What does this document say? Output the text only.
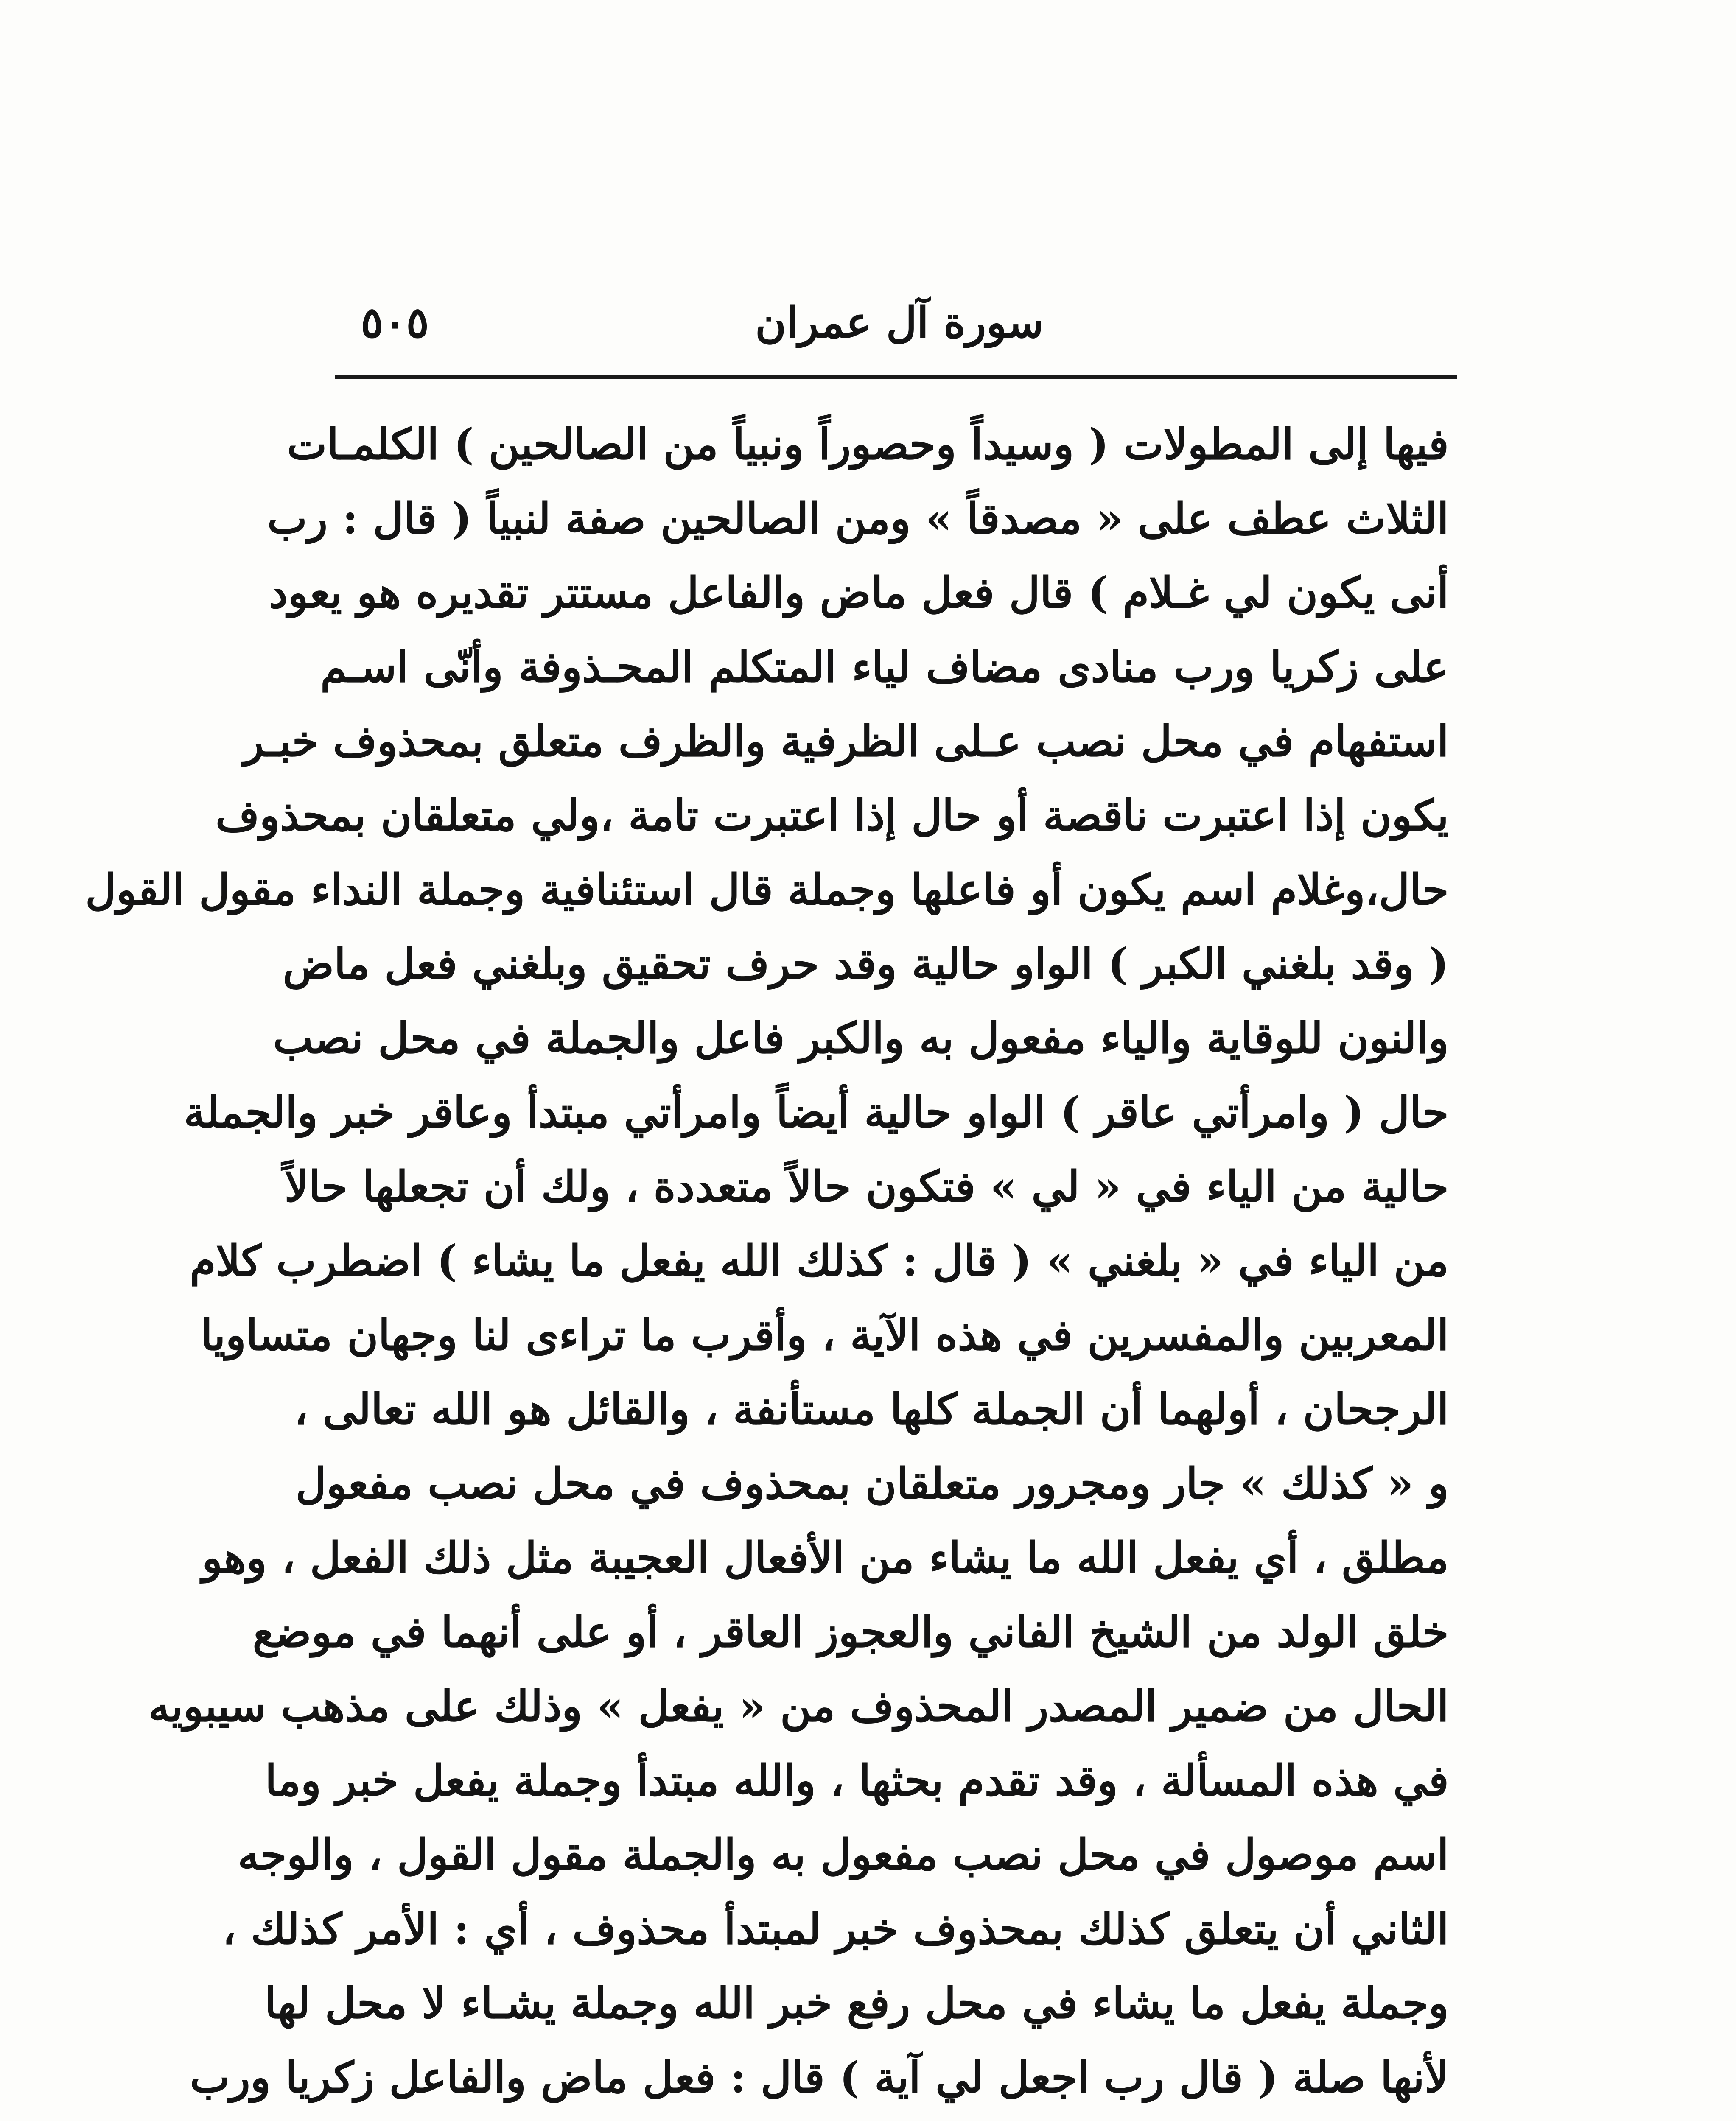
سورة آل عمران
٥٠٥
فيها إلى المطولات ( وسيداً وحصوراً ونبياً من الصالحين ) الكلمـات
الثلاث عطف على « مصدقاً » ومن الصالحين صفة لنبياً ( قال : رب
أنى يكون لي غـلام ) قال فعل ماض والفاعل مستتر تقديره هو يعود
على زكريا ورب منادى مضاف لياء المتكلم المحـذوفة وأنّى اسـم
استفهام في محل نصب عـلى الظرفية والظرف متعلق بمحذوف خبـر
يكون إذا اعتبرت ناقصة أو حال إذا اعتبرت تامة ،ولي متعلقان بمحذوف
حال،وغلام اسم يكون أو فاعلها وجملة قال استئنافية وجملة النداء مقول القول
( وقد بلغني الكبر ) الواو حالية وقد حرف تحقيق وبلغني فعل ماض
والنون للوقاية والياء مفعول به والكبر فاعل والجملة في محل نصب
حال ( وامرأتي عاقر ) الواو حالية أيضاً وامرأتي مبتدأ وعاقر خبر والجملة
حالية من الياء في « لي » فتكون حالاً متعددة ، ولك أن تجعلها حالاً
من الياء في « بلغني » ( قال : كذلك الله يفعل ما يشاء ) اضطرب كلام
المعربين والمفسرين في هذه الآية ، وأقرب ما تراءى لنا وجهان متساويا
الرجحان ، أولهما أن الجملة كلها مستأنفة ، والقائل هو الله تعالى ،
و « كذلك » جار ومجرور متعلقان بمحذوف في محل نصب مفعول
مطلق ، أي يفعل الله ما يشاء من الأفعال العجيبة مثل ذلك الفعل ، وهو
خلق الولد من الشيخ الفاني والعجوز العاقر ، أو على أنهما في موضع
الحال من ضمير المصدر المحذوف من « يفعل » وذلك على مذهب سيبويه
في هذه المسألة ، وقد تقدم بحثها ، والله مبتدأ وجملة يفعل خبر وما
اسم موصول في محل نصب مفعول به والجملة مقول القول ، والوجه
الثاني أن يتعلق كذلك بمحذوف خبر لمبتدأ محذوف ، أي : الأمر كذلك ،
وجملة يفعل ما يشاء في محل رفع خبر الله وجملة يشـاء لا محل لها
لأنها صلة ( قال رب اجعل لي آية ) قال : فعل ماض والفاعل زكريا ورب
